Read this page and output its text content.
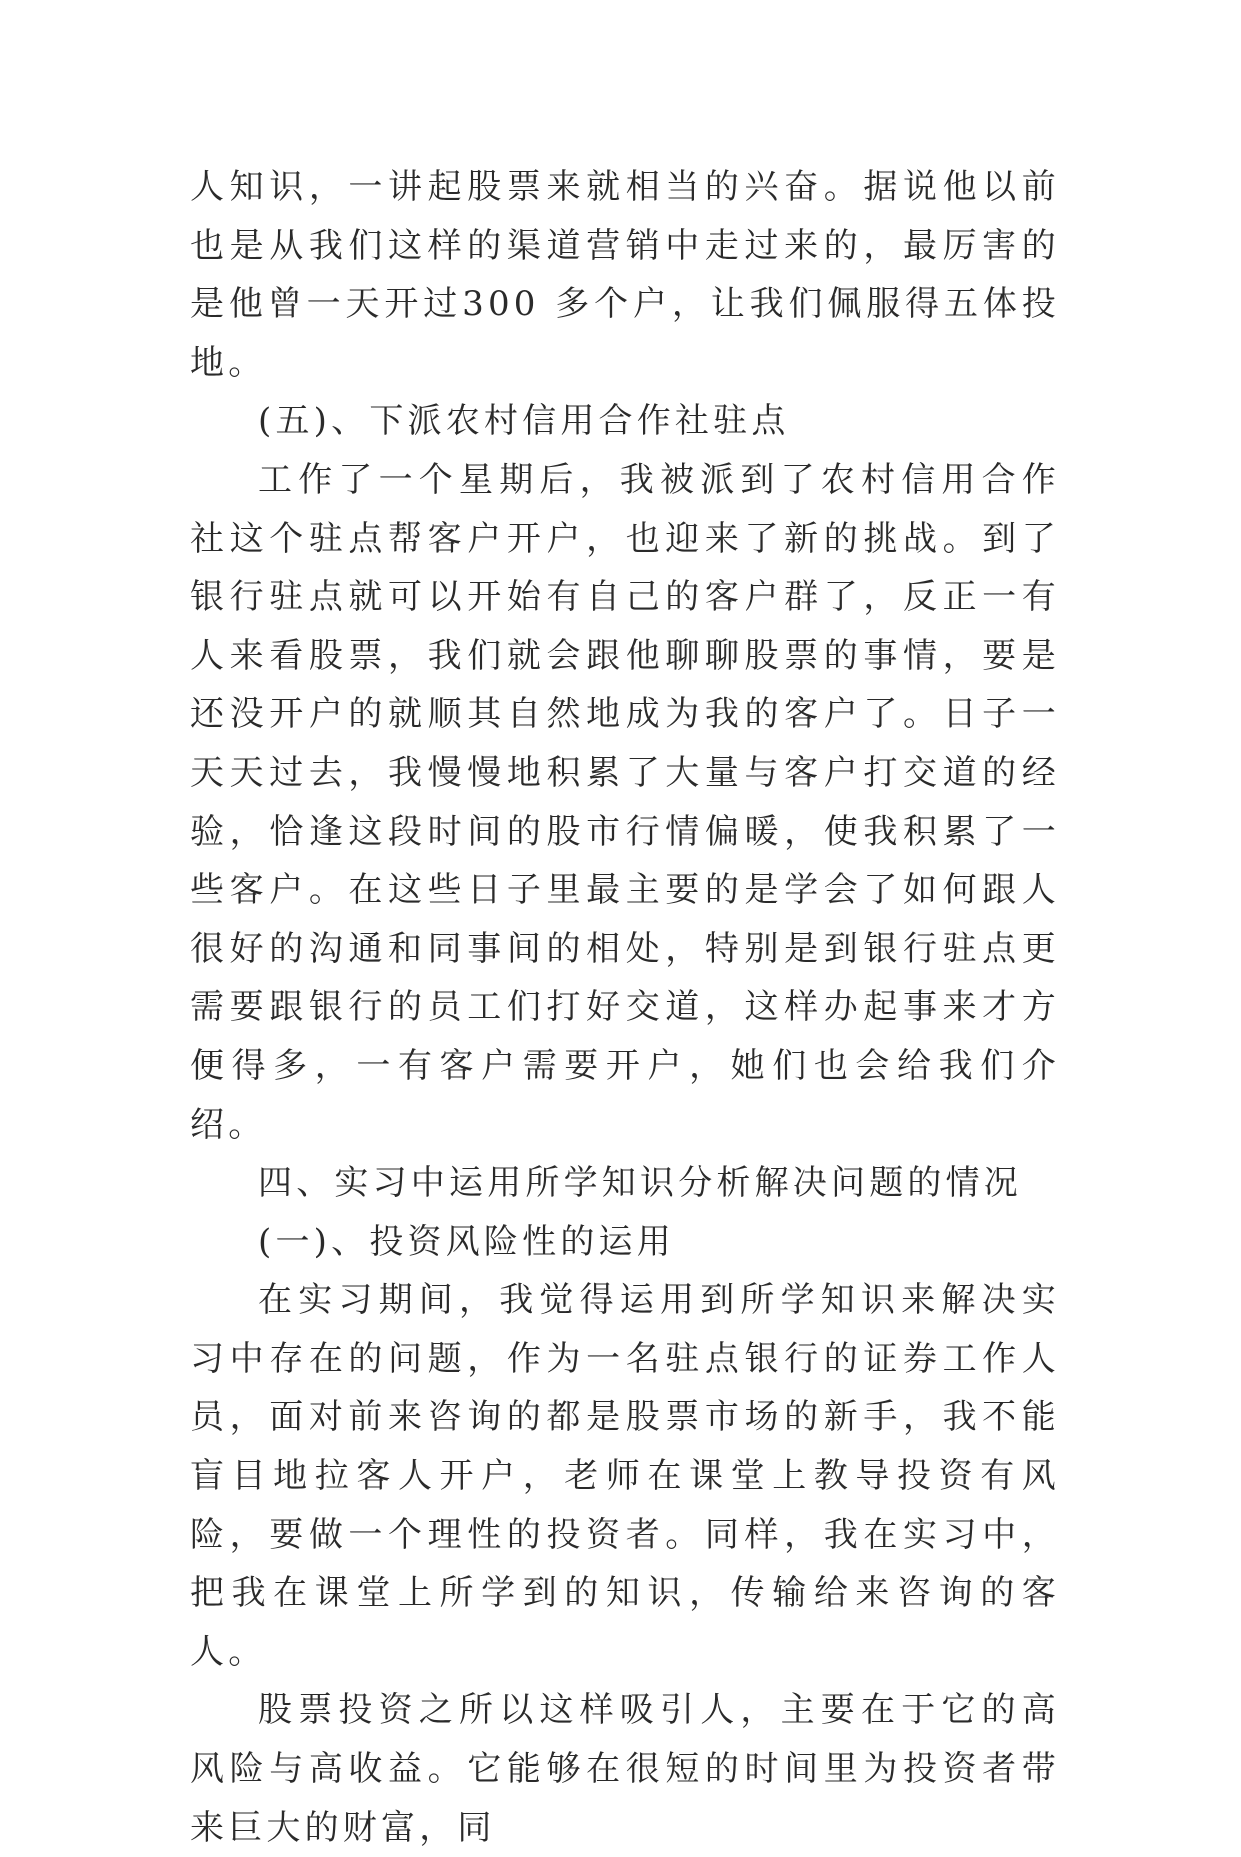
人知识，一讲起股票来就相当的兴奋。据说他以前也是从我们这样的渠道营销中走过来的，最厉害的是他曾一天开过300 多个户，让我们佩服得五体投地。

(五)、下派农村信用合作社驻点

工作了一个星期后，我被派到了农村信用合作社这个驻点帮客户开户，也迎来了新的挑战。到了银行驻点就可以开始有自己的客户群了，反正一有人来看股票，我们就会跟他聊聊股票的事情，要是还没开户的就顺其自然地成为我的客户了。日子一天天过去，我慢慢地积累了大量与客户打交道的经验，恰逢这段时间的股市行情偏暖，使我积累了一些客户。在这些日子里最主要的是学会了如何跟人很好的沟通和同事间的相处，特别是到银行驻点更需要跟银行的员工们打好交道，这样办起事来才方便得多，一有客户需要开户，她们也会给我们介绍。

四、实习中运用所学知识分析解决问题的情况

(一)、投资风险性的运用

在实习期间，我觉得运用到所学知识来解决实习中存在的问题，作为一名驻点银行的证券工作人员，面对前来咨询的都是股票市场的新手，我不能盲目地拉客人开户，老师在课堂上教导投资有风险，要做一个理性的投资者。同样，我在实习中，把我在课堂上所学到的知识，传输给来咨询的客人。

股票投资之所以这样吸引人，主要在于它的高风险与高收益。它能够在很短的时间里为投资者带来巨大的财富，同
